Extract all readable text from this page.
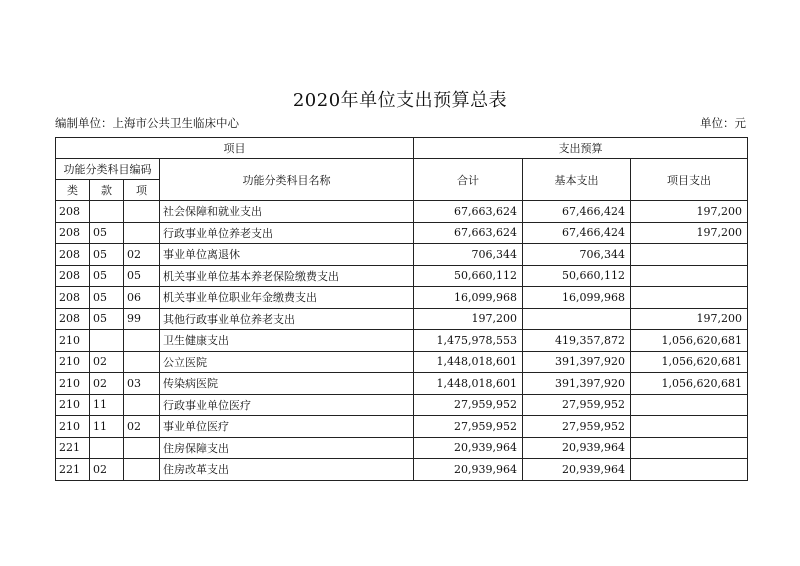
2020年单位支出预算总表
编制单位：上海市公共卫生临床中心	单位：元
项目				支出预算		
功能分类科目编码			功能分类科目名称	合计	基本支出	项目支出
类	款	项				
208			社会保障和就业支出	67,663,624	67,466,424	197,200
208	05		行政事业单位养老支出	67,663,624	67,466,424	197,200
208	05	02	事业单位离退休	706,344	706,344	
208	05	05	机关事业单位基本养老保险缴费支出	50,660,112	50,660,112	
208	05	06	机关事业单位职业年金缴费支出	16,099,968	16,099,968	
208	05	99	其他行政事业单位养老支出	197,200		197,200
210			卫生健康支出	1,475,978,553	419,357,872	1,056,620,681
210	02		公立医院	1,448,018,601	391,397,920	1,056,620,681
210	02	03	传染病医院	1,448,018,601	391,397,920	1,056,620,681
210	11		行政事业单位医疗	27,959,952	27,959,952	
210	11	02	事业单位医疗	27,959,952	27,959,952	
221			住房保障支出	20,939,964	20,939,964	
221	02		住房改革支出	20,939,964	20,939,964	
